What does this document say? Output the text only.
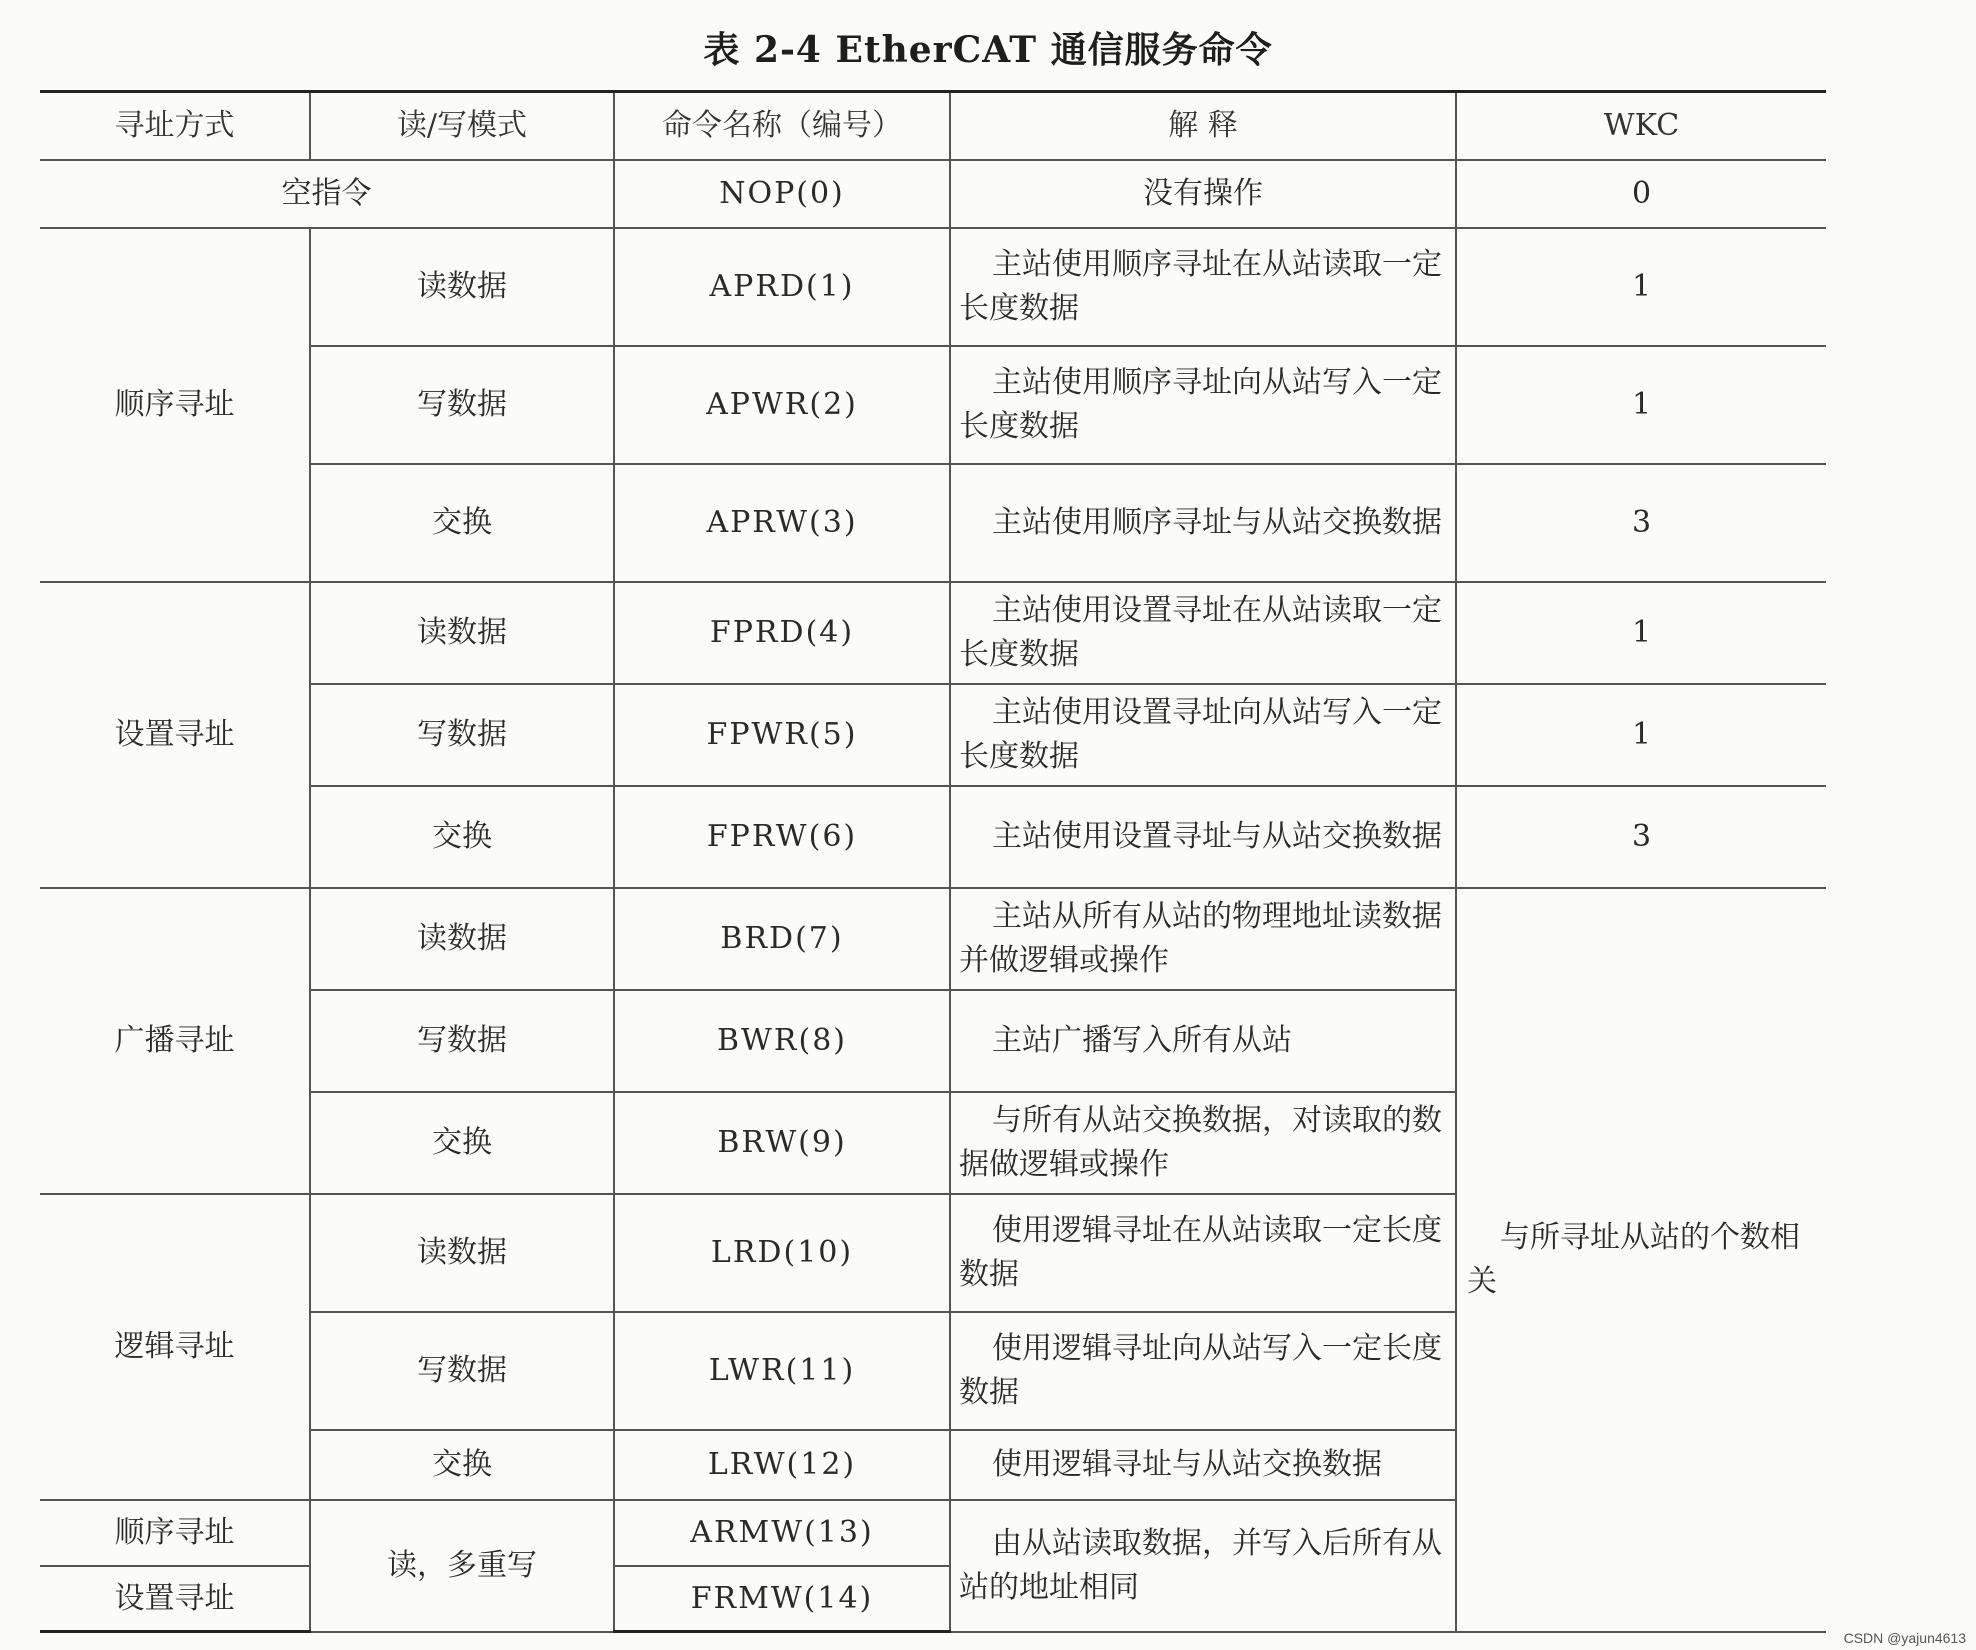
表 2-4 EtherCAT 通信服务命令
寻址方式	读/写模式	命令名称（编号）	解 释	WKC
空指令		NOP(0)	没有操作	0
顺序寻址	读数据	APRD(1)	主站使用顺序寻址在从站读取一定长度数据	1
	写数据	APWR(2)	主站使用顺序寻址向从站写入一定长度数据	1
	交换	APRW(3)	主站使用顺序寻址与从站交换数据	3
设置寻址	读数据	FPRD(4)	主站使用设置寻址在从站读取一定长度数据	1
	写数据	FPWR(5)	主站使用设置寻址向从站写入一定长度数据	1
	交换	FPRW(6)	主站使用设置寻址与从站交换数据	3
广播寻址	读数据	BRD(7)	主站从所有从站的物理地址读数据并做逻辑或操作	与所寻址从站的个数相关
	写数据	BWR(8)	主站广播写入所有从站	
	交换	BRW(9)	与所有从站交换数据，对读取的数据做逻辑或操作	
逻辑寻址	读数据	LRD(10)	使用逻辑寻址在从站读取一定长度数据	
	写数据	LWR(11)	使用逻辑寻址向从站写入一定长度数据	
	交换	LRW(12)	使用逻辑寻址与从站交换数据	
顺序寻址	读，多重写	ARMW(13)	由从站读取数据，并写入后所有从站的地址相同	
设置寻址		FRMW(14)		
CSDN @yajun4613
